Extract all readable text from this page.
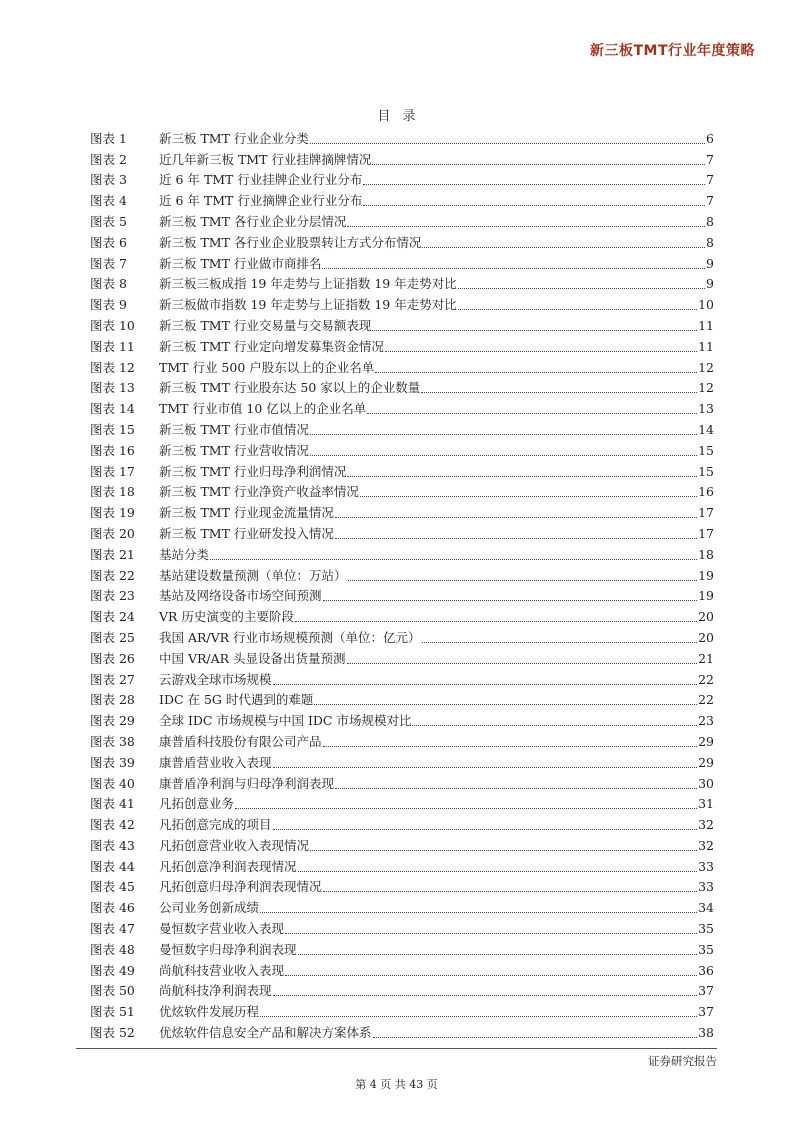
新三板TMT行业年度策略
目录
图表 1	新三板 TMT 行业企业分类	6
图表 2	近几年新三板 TMT 行业挂牌摘牌情况	7
图表 3	近 6 年 TMT 行业挂牌企业行业分布	7
图表 4	近 6 年 TMT 行业摘牌企业行业分布	7
图表 5	新三板 TMT 各行业企业分层情况	8
图表 6	新三板 TMT 各行业企业股票转让方式分布情况	8
图表 7	新三板 TMT 行业做市商排名	9
图表 8	新三板三板成指 19 年走势与上证指数 19 年走势对比	9
图表 9	新三板做市指数 19 年走势与上证指数 19 年走势对比	10
图表 10	新三板 TMT 行业交易量与交易额表现	11
图表 11	新三板 TMT 行业定向增发募集资金情况	11
图表 12	TMT 行业 500 户股东以上的企业名单	12
图表 13	新三板 TMT 行业股东达 50 家以上的企业数量	12
图表 14	TMT 行业市值 10 亿以上的企业名单	13
图表 15	新三板 TMT 行业市值情况	14
图表 16	新三板 TMT 行业营收情况	15
图表 17	新三板 TMT 行业归母净利润情况	15
图表 18	新三板 TMT 行业净资产收益率情况	16
图表 19	新三板 TMT 行业现金流量情况	17
图表 20	新三板 TMT 行业研发投入情况	17
图表 21	基站分类	18
图表 22	基站建设数量预测（单位：万站）	19
图表 23	基站及网络设备市场空间预测	19
图表 24	VR 历史演变的主要阶段	20
图表 25	我国 AR/VR 行业市场规模预测（单位：亿元）	20
图表 26	中国 VR/AR 头显设备出货量预测	21
图表 27	云游戏全球市场规模	22
图表 28	IDC 在 5G 时代遇到的难题	22
图表 29	全球 IDC 市场规模与中国 IDC 市场规模对比	23
图表 38	康普盾科技股份有限公司产品	29
图表 39	康普盾营业收入表现	29
图表 40	康普盾净利润与归母净利润表现	30
图表 41	凡拓创意业务	31
图表 42	凡拓创意完成的项目	32
图表 43	凡拓创意营业收入表现情况	32
图表 44	凡拓创意净利润表现情况	33
图表 45	凡拓创意归母净利润表现情况	33
图表 46	公司业务创新成绩	34
图表 47	曼恒数字营业收入表现	35
图表 48	曼恒数字归母净利润表现	35
图表 49	尚航科技营业收入表现	36
图表 50	尚航科技净利润表现	37
图表 51	优炫软件发展历程	37
图表 52	优炫软件信息安全产品和解决方案体系	38
证券研究报告
第 4 页 共 43 页
